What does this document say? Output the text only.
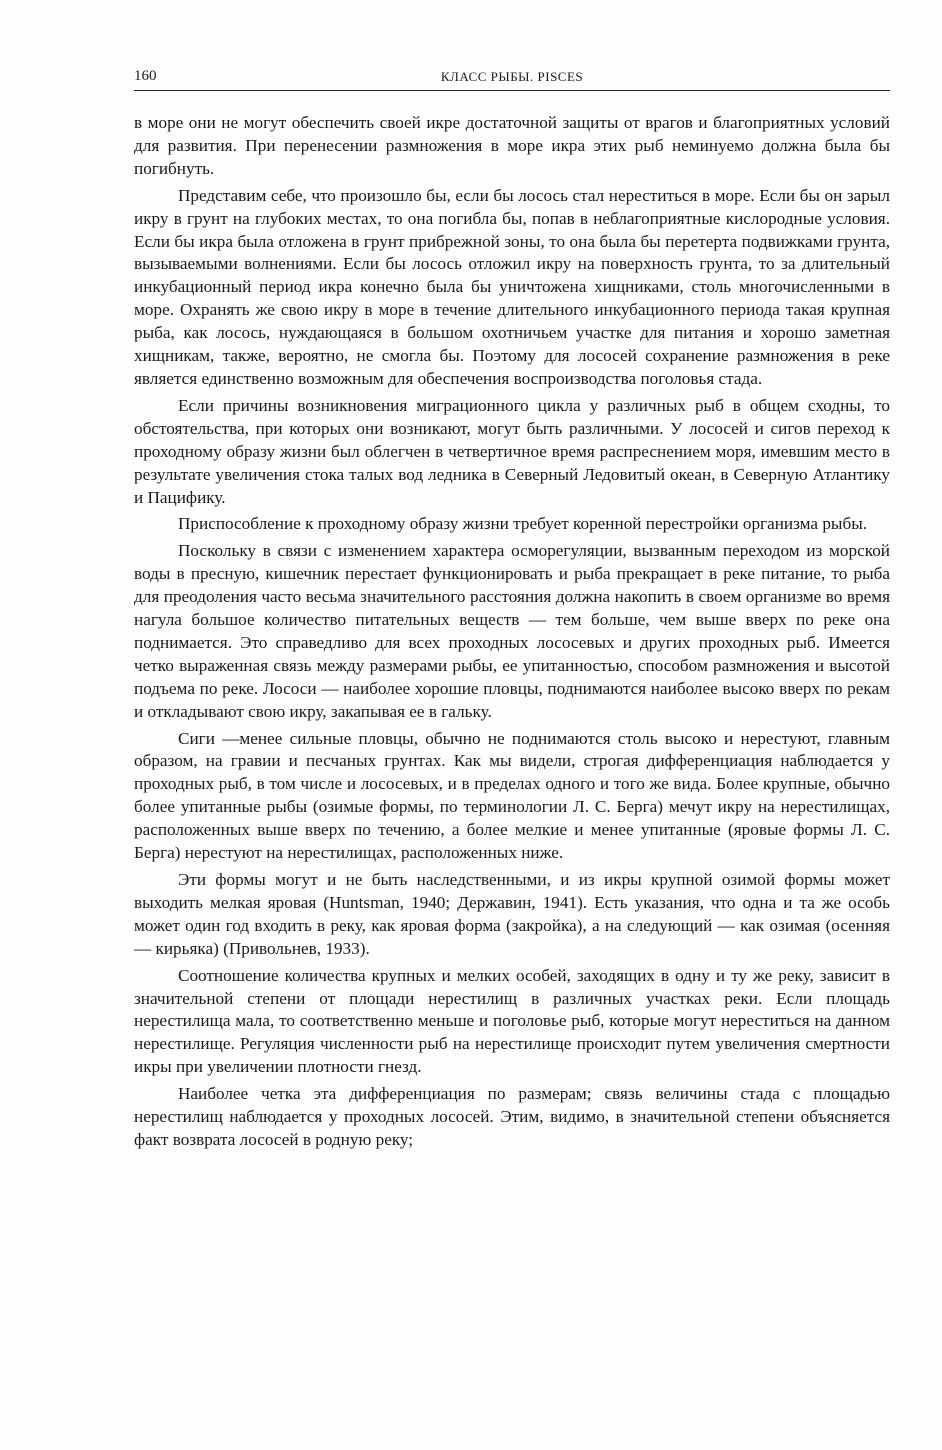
160	КЛАСС РЫБЫ. PISCES

в море они не могут обеспечить своей икре достаточной защиты от врагов и благоприятных условий для развития. При перенесении размножения в море икра этих рыб неминуемо должна была бы погибнуть.

Представим себе, что произошло бы, если бы лосось стал нереститься в море. Если бы он зарыл икру в грунт на глубоких местах, то она погибла бы, попав в неблагоприятные кислородные условия. Если бы икра была отложена в грунт прибрежной зоны, то она была бы перетерта подвижками грунта, вызываемыми волнениями. Если бы лосось отложил икру на поверхность грунта, то за длительный инкубационный период икра конечно была бы уничтожена хищниками, столь многочисленными в море. Охранять же свою икру в море в течение длительного инкубационного периода такая крупная рыба, как лосось, нуждающаяся в большом охотничьем участке для питания и хорошо заметная хищникам, также, вероятно, не смогла бы. Поэтому для лососей сохранение размножения в реке является единственно возможным для обеспечения воспроизводства поголовья стада.

Если причины возникновения миграционного цикла у различных рыб в общем сходны, то обстоятельства, при которых они возникают, могут быть различными. У лососей и сигов переход к проходному образу жизни был облегчен в четвертичное время распреснением моря, имевшим место в результате увеличения стока талых вод ледника в Северный Ледовитый океан, в Северную Атлантику и Пацифику.

Приспособление к проходному образу жизни требует коренной перестройки организма рыбы.

Поскольку в связи с изменением характера осморегуляции, вызванным переходом из морской воды в пресную, кишечник перестает функционировать и рыба прекращает в реке питание, то рыба для преодоления часто весьма значительного расстояния должна накопить в своем организме во время нагула большое количество питательных веществ — тем больше, чем выше вверх по реке она поднимается. Это справедливо для всех проходных лососевых и других проходных рыб. Имеется четко выраженная связь между размерами рыбы, ее упитанностью, способом размножения и высотой подъема по реке. Лососи — наиболее хорошие пловцы, поднимаются наиболее высоко вверх по рекам и откладывают свою икру, закапывая ее в гальку.

Сиги —менее сильные пловцы, обычно не поднимаются столь высоко и нерестуют, главным образом, на гравии и песчаных грунтах. Как мы видели, строгая дифференциация наблюдается у проходных рыб, в том числе и лососевых, и в пределах одного и того же вида. Более крупные, обычно более упитанные рыбы (озимые формы, по терминологии Л. С. Берга) мечут икру на нерестилищах, расположенных выше вверх по течению, а более мелкие и менее упитанные (яровые формы Л. С. Берга) нерестуют на нерестилищах, расположенных ниже.

Эти формы могут и не быть наследственными, и из икры крупной озимой формы может выходить мелкая яровая (Huntsman, 1940; Державин, 1941). Есть указания, что одна и та же особь может один год входить в реку, как яровая форма (закройка), а на следующий — как озимая (осенняя — кирьяка) (Привольнев, 1933).

Соотношение количества крупных и мелких особей, заходящих в одну и ту же реку, зависит в значительной степени от площади нерестилищ в различных участках реки. Если площадь нерестилища мала, то соответственно меньше и поголовье рыб, которые могут нереститься на данном нерестилище. Регуляция численности рыб на нерестилище происходит путем увеличения смертности икры при увеличении плотности гнезд.

Наиболее четка эта дифференциация по размерам; связь величины стада с площадью нерестилищ наблюдается у проходных лососей. Этим, видимо, в значительной степени объясняется факт возврата лососей в родную реку;
